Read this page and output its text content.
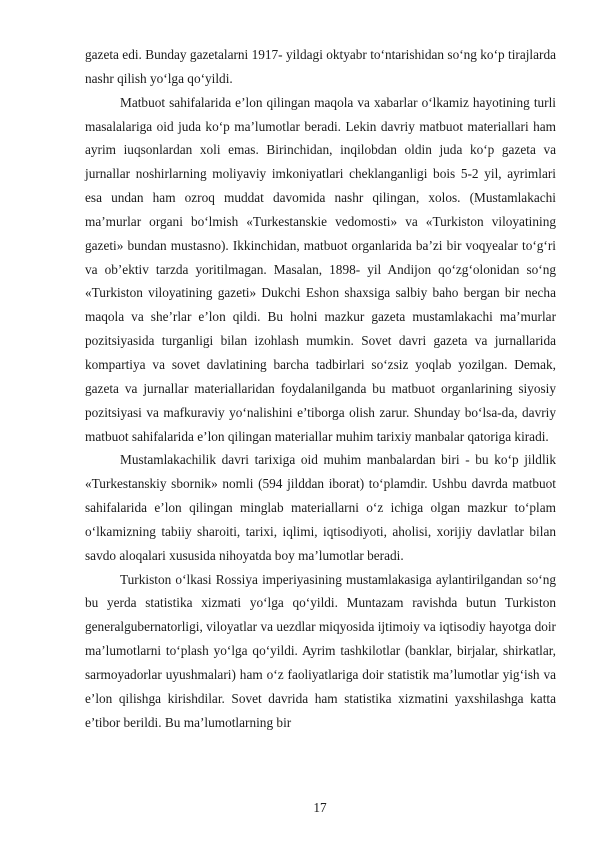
gazeta edi. Bunday gazetalarni 1917- yildagi oktyabr to‘ntarishidan so‘ng ko‘p tirajlarda nashr qilish yo‘lga qo‘yildi.

Matbuot sahifalarida e’lon qilingan maqola va xabarlar o‘lkamiz hayotining turli masalalariga oid juda ko‘p ma’lumotlar beradi. Lekin davriy matbuot materiallari ham ayrim iuqsonlardan xoli emas. Birinchidan, inqilobdan oldin juda ko‘p gazeta va jurnallar noshirlarning moliyaviy imkoniyatlari cheklanganligi bois 5-2 yil, ayrimlari esa undan ham ozroq muddat davomida nashr qilingan, xolos. (Mustamlakachi ma’murlar organi bo‘lmish «Turkestanskie vedomosti» va «Turkiston viloyatining gazeti» bundan mustasno). Ikkinchidan, matbuot organlarida ba’zi bir voqyealar to‘g‘ri va ob’ektiv tarzda yoritilmagan. Masalan, 1898- yil Andijon qo‘zg‘olonidan so‘ng «Turkiston viloyatining gazeti» Dukchi Eshon shaxsiga salbiy baho bergan bir necha maqola va she’rlar e’lon qildi. Bu holni mazkur gazeta mustamlakachi ma’murlar pozitsiyasida turganligi bilan izohlash mumkin. Sovet davri gazeta va jurnallarida kompartiya va sovet davlatining barcha tadbirlari so‘zsiz yoqlab yozilgan. Demak, gazeta va jurnallar materiallaridan foydalanilganda bu matbuot organlarining siyosiy pozitsiyasi va mafkuraviy yo‘nalishini e’tiborga olish zarur. Shunday bo‘lsa-da, davriy matbuot sahifalarida e’lon qilingan materiallar muhim tarixiy manbalar qatoriga kiradi.

Mustamlakachilik davri tarixiga oid muhim manbalardan biri - bu ko‘p jildlik «Turkestanskiy sbornik» nomli (594 jilddan iborat) to‘plamdir. Ushbu davrda matbuot sahifalarida e’lon qilingan minglab materiallarni o‘z ichiga olgan mazkur to‘plam o‘lkamizning tabiiy sharoiti, tarixi, iqlimi, iqtisodiyoti, aholisi, xorijiy davlatlar bilan savdo aloqalari xususida nihoyatda boy ma’lumotlar beradi.

Turkiston o‘lkasi Rossiya imperiyasining mustamlakasiga aylantirilgandan so‘ng bu yerda statistika xizmati yo‘lga qo‘yildi. Muntazam ravishda butun Turkiston generalgubernatorligi, viloyatlar va uezdlar miqyosida ijtimoiy va iqtisodiy hayotga doir ma’lumotlarni to‘plash yo‘lga qo‘yildi. Ayrim tashkilotlar (banklar, birjalar, shirkatlar, sarmoyadorlar uyushmalari) ham o‘z faoliyatlariga doir statistik ma’lumotlar yig‘ish va e’lon qilishga kirishdilar. Sovet davrida ham statistika xizmatini yaxshilashga katta e’tibor berildi. Bu ma’lumotlarning bir

17
